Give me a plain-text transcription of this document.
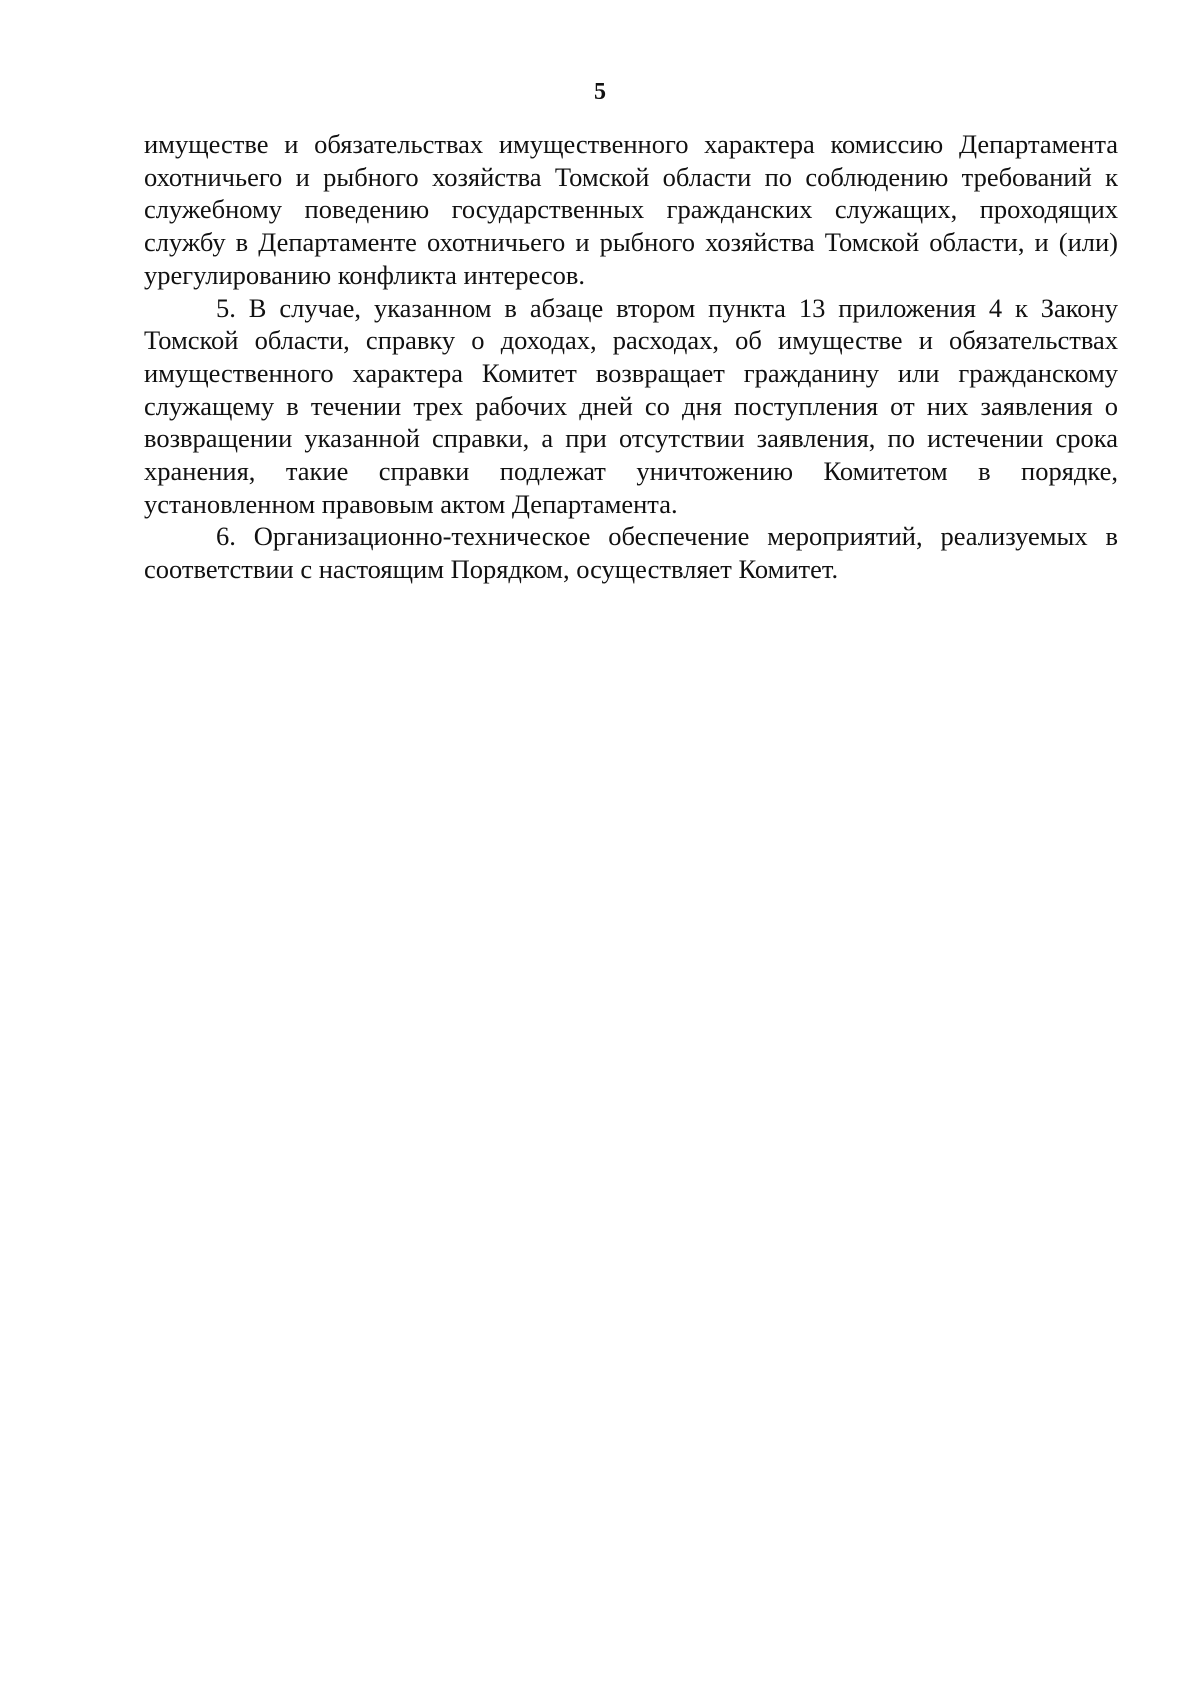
5

имуществе и обязательствах имущественного характера комиссию Департамента охотничьего и рыбного хозяйства Томской области по соблюдению требований к служебному поведению государственных гражданских служащих, проходящих службу в Департаменте охотничьего и рыбного хозяйства Томской области, и (или) урегулированию конфликта интересов.

5. В случае, указанном в абзаце втором пункта 13 приложения 4 к Закону Томской области, справку о доходах, расходах, об имуществе и обязательствах имущественного характера Комитет возвращает гражданину или гражданскому служащему в течении трех рабочих дней со дня поступления от них заявления о возвращении указанной справки, а при отсутствии заявления, по истечении срока хранения, такие справки подлежат уничтожению Комитетом в порядке, установленном правовым актом Департамента.

6. Организационно-техническое обеспечение мероприятий, реализуемых в соответствии с настоящим Порядком, осуществляет Комитет.
